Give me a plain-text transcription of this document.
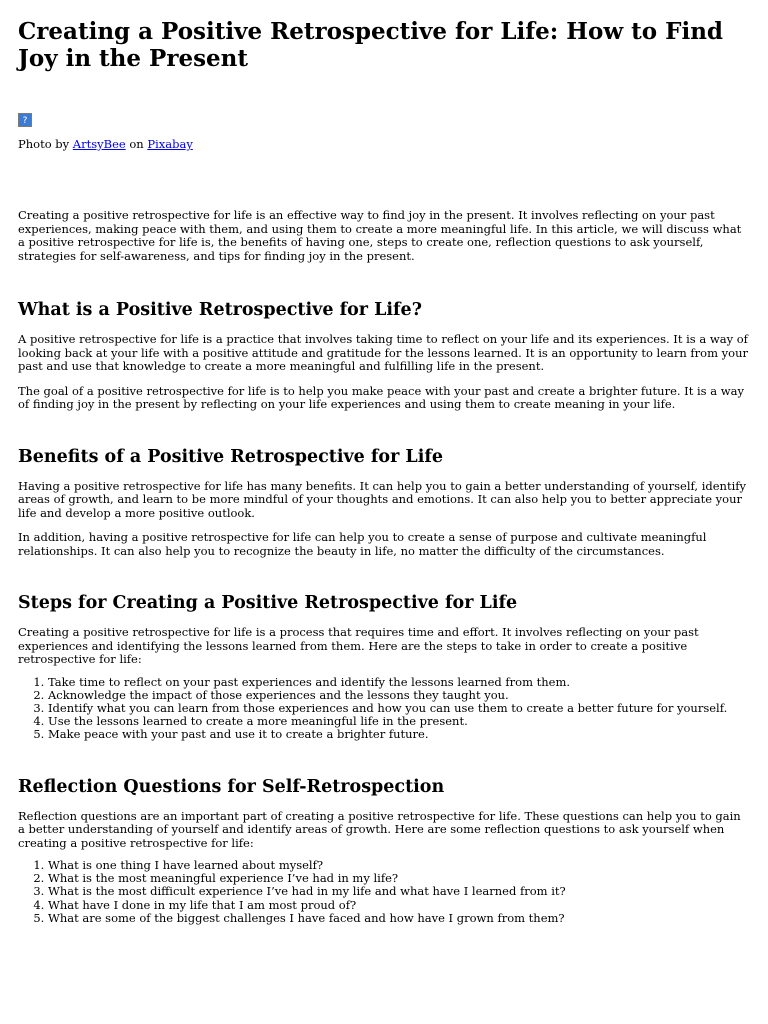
Creating a Positive Retrospective for Life: How to Find Joy in the Present
?
Photo by ArtsyBee on Pixabay

Creating a positive retrospective for life is an effective way to find joy in the present. It involves reflecting on your past experiences, making peace with them, and using them to create a more meaningful life. In this article, we will discuss what a positive retrospective for life is, the benefits of having one, steps to create one, reflection questions to ask yourself, strategies for self-awareness, and tips for finding joy in the present.

What is a Positive Retrospective for Life?

A positive retrospective for life is a practice that involves taking time to reflect on your life and its experiences. It is a way of looking back at your life with a positive attitude and gratitude for the lessons learned. It is an opportunity to learn from your past and use that knowledge to create a more meaningful and fulfilling life in the present.

The goal of a positive retrospective for life is to help you make peace with your past and create a brighter future. It is a way of finding joy in the present by reflecting on your life experiences and using them to create meaning in your life.

Benefits of a Positive Retrospective for Life

Having a positive retrospective for life has many benefits. It can help you to gain a better understanding of yourself, identify areas of growth, and learn to be more mindful of your thoughts and emotions. It can also help you to better appreciate your life and develop a more positive outlook.

In addition, having a positive retrospective for life can help you to create a sense of purpose and cultivate meaningful relationships. It can also help you to recognize the beauty in life, no matter the difficulty of the circumstances.

Steps for Creating a Positive Retrospective for Life

Creating a positive retrospective for life is a process that requires time and effort. It involves reflecting on your past experiences and identifying the lessons learned from them. Here are the steps to take in order to create a positive retrospective for life:

1. Take time to reflect on your past experiences and identify the lessons learned from them.
2. Acknowledge the impact of those experiences and the lessons they taught you.
3. Identify what you can learn from those experiences and how you can use them to create a better future for yourself.
4. Use the lessons learned to create a more meaningful life in the present.
5. Make peace with your past and use it to create a brighter future.
Reflection Questions for Self-Retrospection

Reflection questions are an important part of creating a positive retrospective for life. These questions can help you to gain a better understanding of yourself and identify areas of growth. Here are some reflection questions to ask yourself when creating a positive retrospective for life:

1. What is one thing I have learned about myself?
2. What is the most meaningful experience I’ve had in my life?
3. What is the most difficult experience I’ve had in my life and what have I learned from it?
4. What have I done in my life that I am most proud of?
5. What are some of the biggest challenges I have faced and how have I grown from them?
